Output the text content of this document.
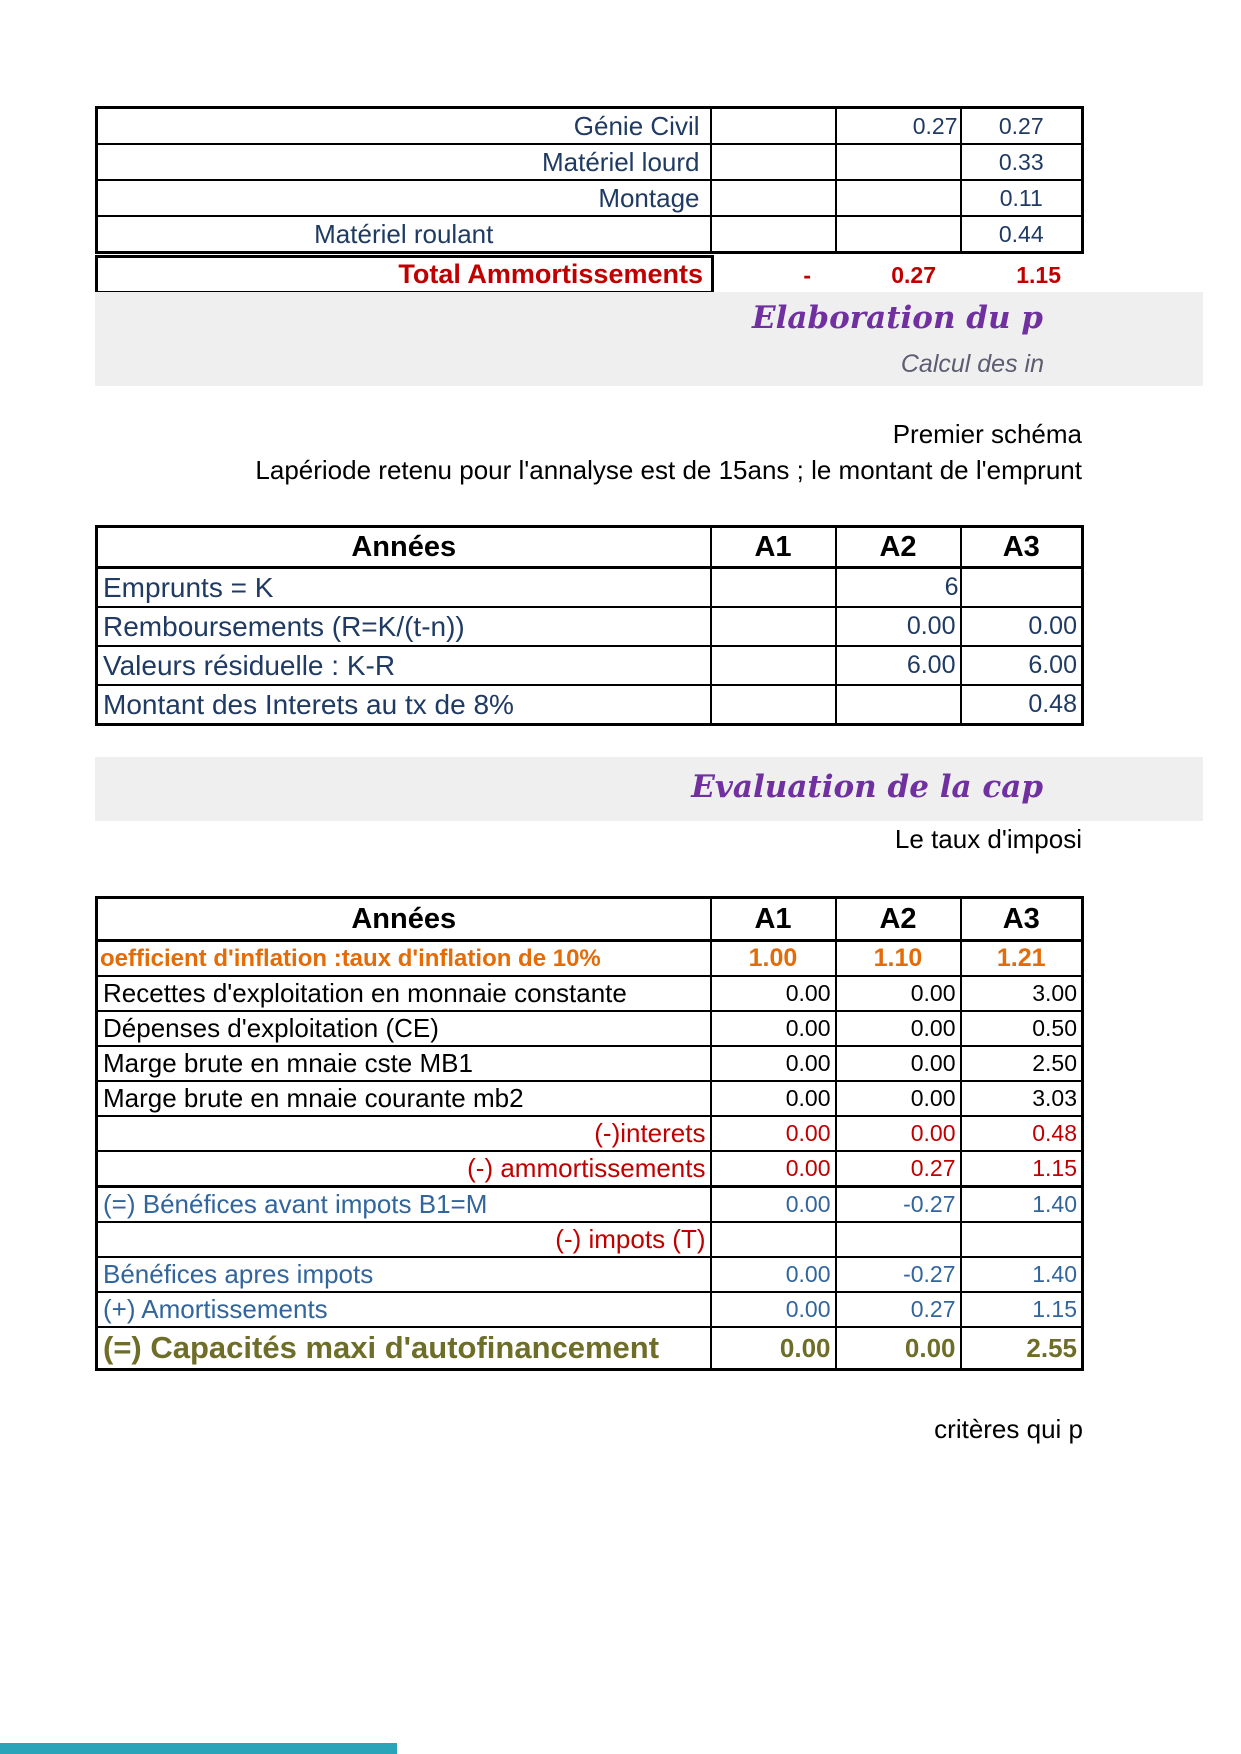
Génie Civil		0.27	0.27
Matériel lourd			0.33
Montage			0.11
Matériel roulant			0.44
Total Ammortissements	-	0.27	1.15
Elaboration du p
Calcul des in
Premier schéma
Lapériode retenu pour l'annalyse est de 15ans ; le montant de l'emprunt
Années	A1	A2	A3
Emprunts = K		6	
Remboursements (R=K/(t-n))		0.00	0.00
Valeurs résiduelle : K-R		6.00	6.00
Montant des Interets au tx de 8%			0.48
Evaluation de la cap
Le taux d'imposi
Années	A1	A2	A3
oefficient d'inflation :taux d'inflation de 10%	1.00	1.10	1.21
Recettes d'exploitation en monnaie constante	0.00	0.00	3.00
Dépenses d'exploitation (CE)	0.00	0.00	0.50
Marge brute en mnaie cste MB1	0.00	0.00	2.50
Marge brute en mnaie courante mb2	0.00	0.00	3.03
(-)interets	0.00	0.00	0.48
(-) ammortissements	0.00	0.27	1.15
(=) Bénéfices avant impots B1=M	0.00	-0.27	1.40
(-) impots (T)			
Bénéfices apres impots	0.00	-0.27	1.40
(+) Amortissements	0.00	0.27	1.15
(=) Capacités maxi d'autofinancement	0.00	0.00	2.55
critères qui p
